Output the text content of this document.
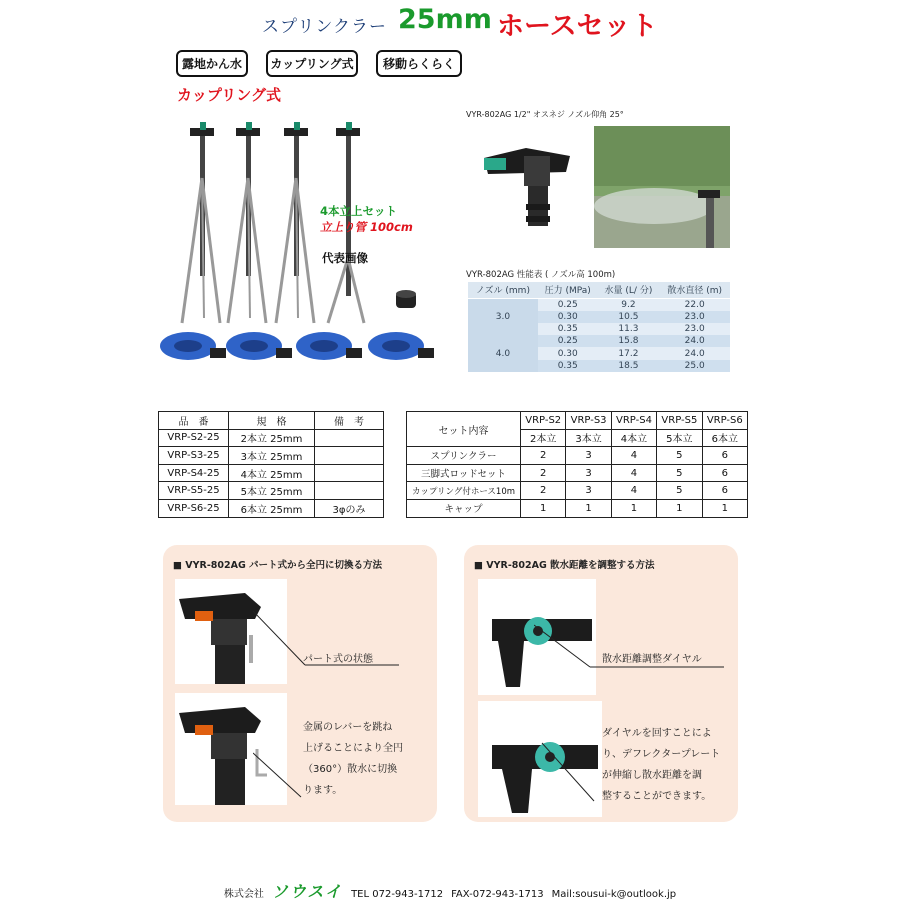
スプリンクラー 25mm ホースセット
露地かん水	カップリング式	移動らくらく
カップリング式
4本立上セット
立上り管 100cm
代表画像
VYR-802AG 1/2" オスネジ ノズル仰角 25°
VYR-802AG 性能表 ( ノズル高 100m)
ノズル (mm)	圧力 (MPa)	水量 (L/ 分)	散水直径 (m)
3.0	0.25	9.2	22.0
	0.30	10.5	23.0
	0.35	11.3	23.0
4.0	0.25	15.8	24.0
	0.30	17.2	24.0
	0.35	18.5	25.0
品　番	規　格	備　考
VRP-S2-25	2本立 25mm	
VRP-S3-25	3本立 25mm	
VRP-S4-25	4本立 25mm	
VRP-S5-25	5本立 25mm	
VRP-S6-25	6本立 25mm	3φのみ
セット内容	VRP-S2	VRP-S3	VRP-S4	VRP-S5	VRP-S6
	2本立	3本立	4本立	5本立	6本立
スプリンクラー	2	3	4	5	6
三脚式ロッドセット	2	3	4	5	6
カップリング付ホース10m	2	3	4	5	6
キャップ	1	1	1	1	1
■ VYR-802AG パート式から全円に切換る方法
パート式の状態
金属のレバーを跳ね
上げることにより全円
（360°）散水に切換
ります。
■ VYR-802AG 散水距離を調整する方法
散水距離調整ダイヤル
ダイヤルを回すことによ
り、デフレクタープレート
が伸縮し散水距離を調
整することができます。
株式会社 ソウスイ TEL 072-943-1712 FAX-072-943-1713 Mail:sousui-k@outlook.jp
